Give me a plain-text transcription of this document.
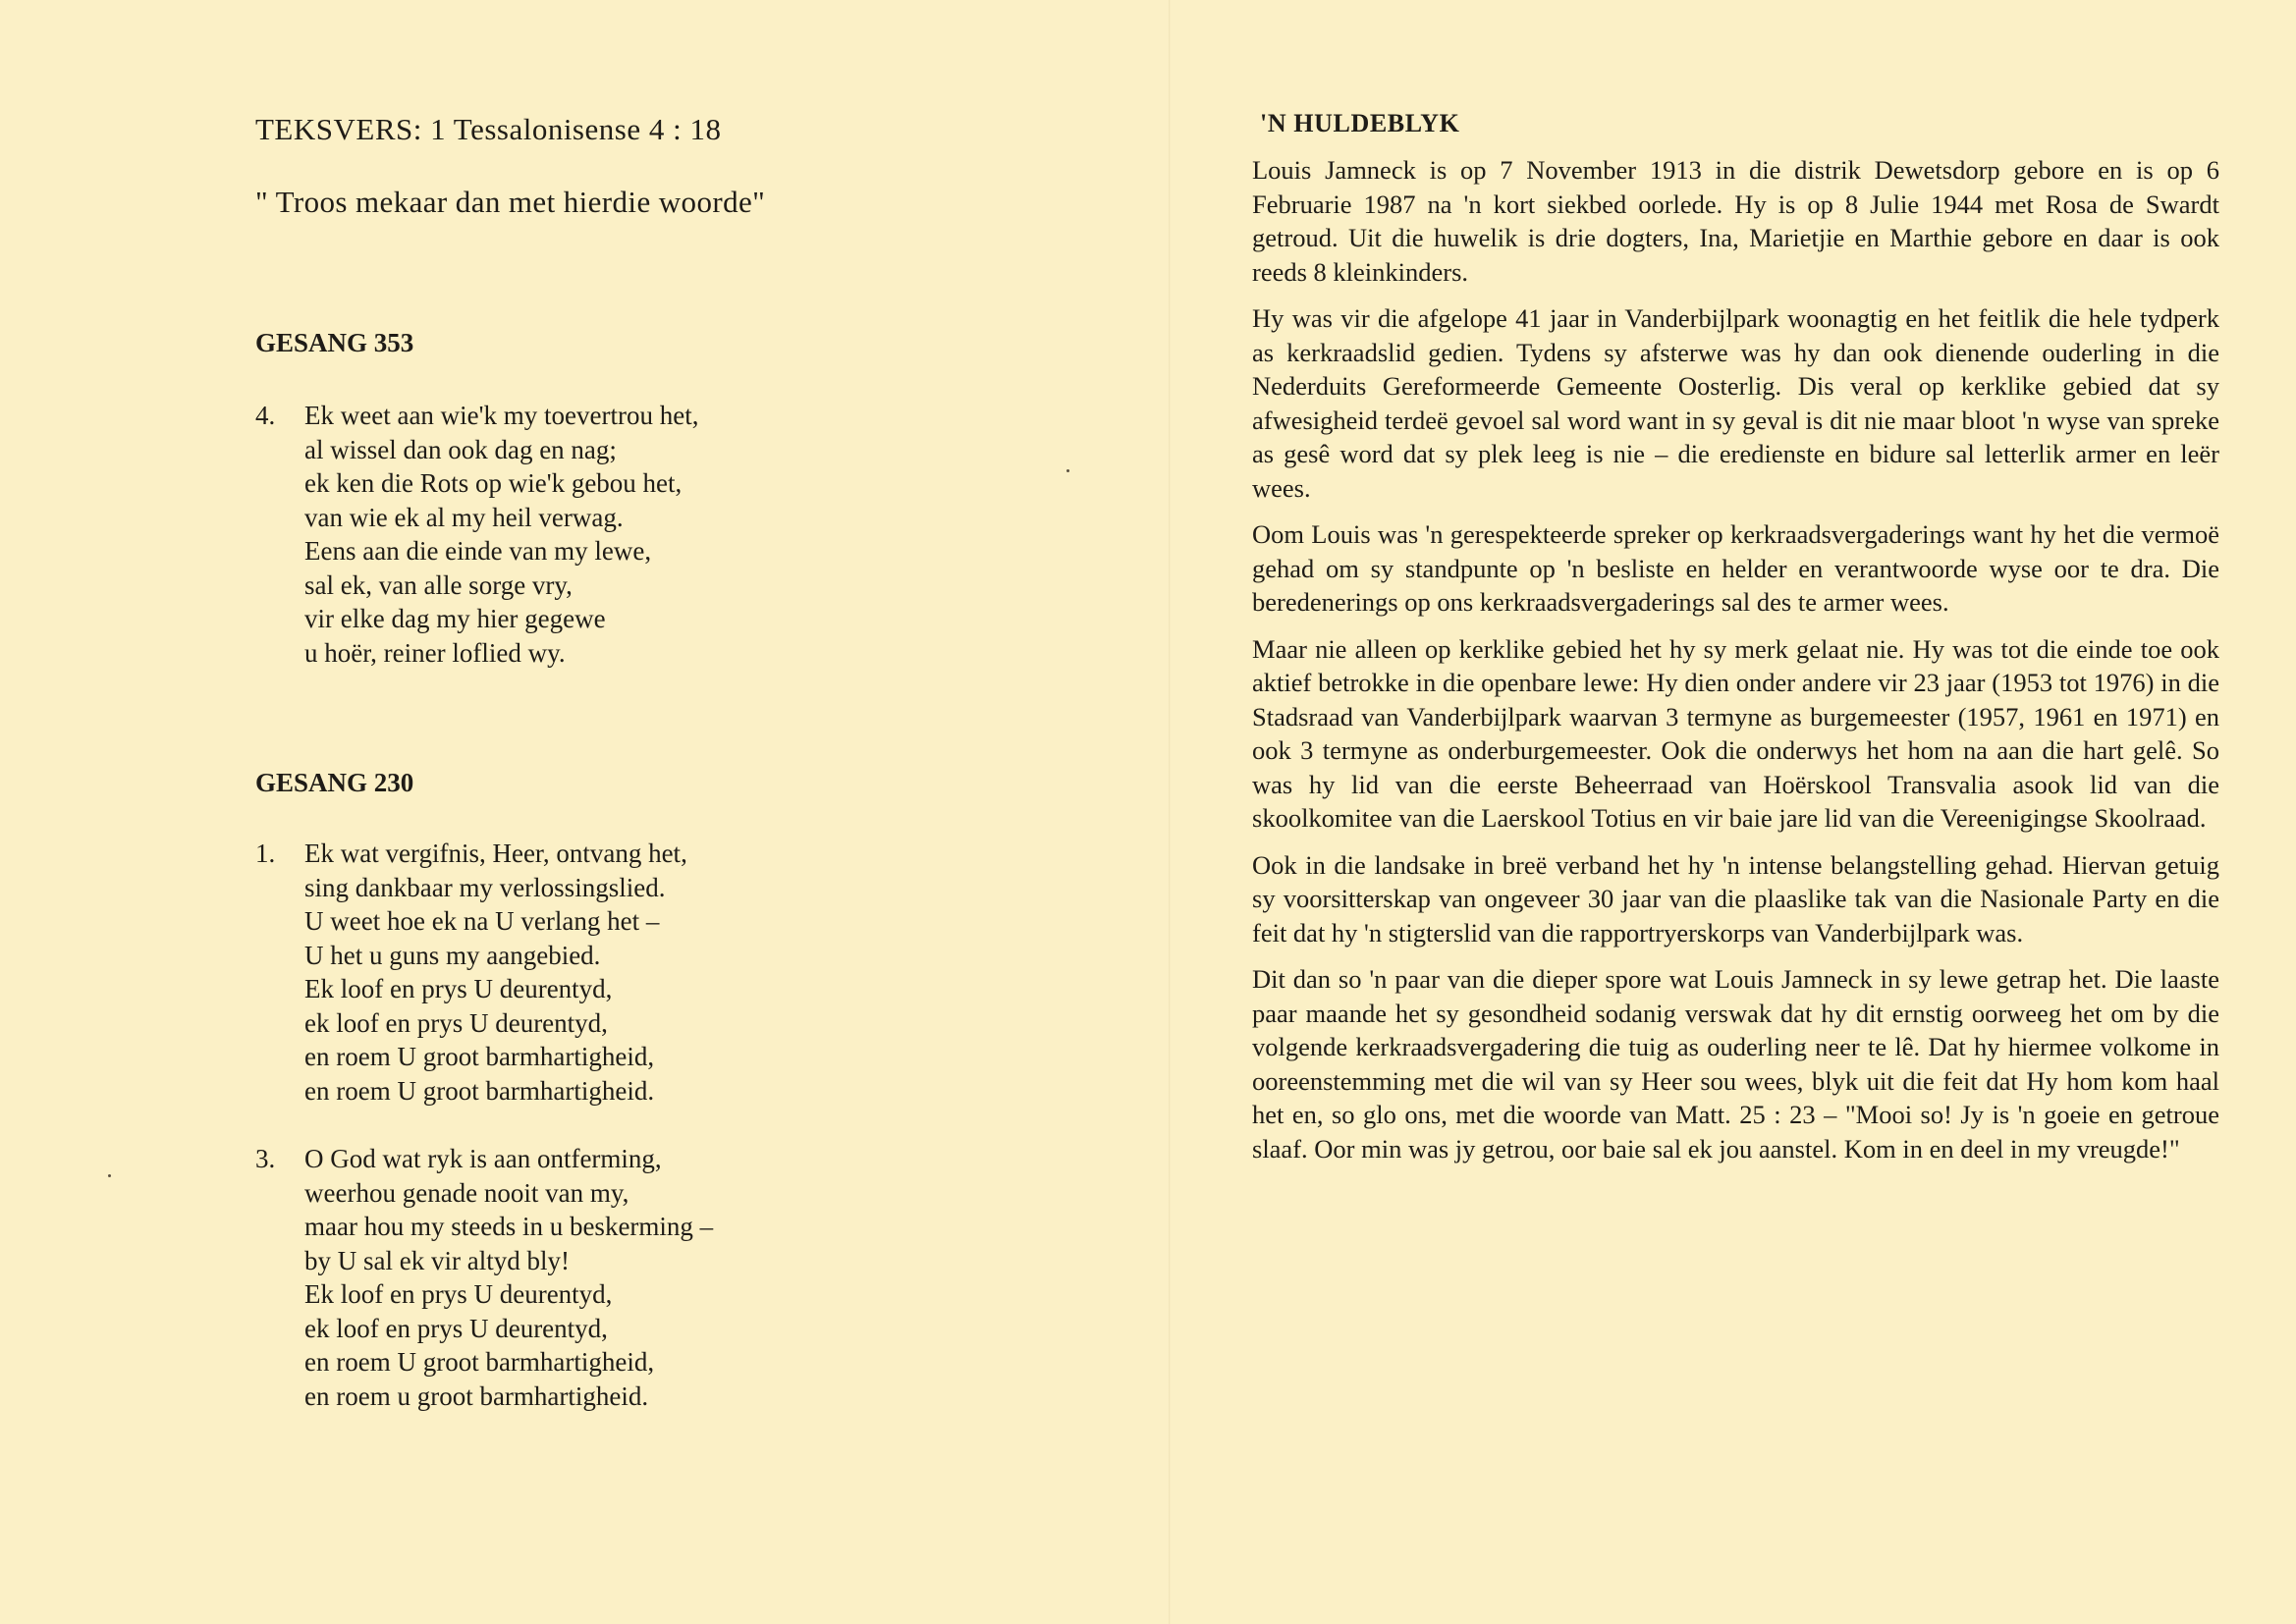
TEKSVERS: 1 Tessalonisense 4 : 18

" Troos mekaar dan met hierdie woorde"

GESANG 353
4. Ek weet aan wie'k my toevertrou het,
al wissel dan ook dag en nag;
ek ken die Rots op wie'k gebou het,
van wie ek al my heil verwag.
Eens aan die einde van my lewe,
sal ek, van alle sorge vry,
vir elke dag my hier gegewe
u hoër, reiner loflied wy.
GESANG 230
1. Ek wat vergifnis, Heer, ontvang het,
sing dankbaar my verlossingslied.
U weet hoe ek na U verlang het –
U het u guns my aangebied.
Ek loof en prys U deurentyd,
ek loof en prys U deurentyd,
en roem U groot barmhartigheid,
en roem U groot barmhartigheid.
3. O God wat ryk is aan ontferming,
weerhou genade nooit van my,
maar hou my steeds in u beskerming –
by U sal ek vir altyd bly!
Ek loof en prys U deurentyd,
ek loof en prys U deurentyd,
en roem U groot barmhartigheid,
en roem u groot barmhartigheid.
'N HULDEBLYK

Louis Jamneck is op 7 November 1913 in die distrik Dewetsdorp gebore en is op 6 Februarie 1987 na 'n kort siekbed oorlede. Hy is op 8 Julie 1944 met Rosa de Swardt getroud. Uit die huwelik is drie dogters, Ina, Marietjie en Marthie gebore en daar is ook reeds 8 kleinkinders.

Hy was vir die afgelope 41 jaar in Vanderbijlpark woonagtig en het feitlik die hele tydperk as kerkraadslid gedien. Tydens sy afsterwe was hy dan ook dienende ouderling in die Nederduits Gereformeerde Gemeente Oosterlig. Dis veral op kerklike gebied dat sy afwesigheid terdeë gevoel sal word want in sy geval is dit nie maar bloot 'n wyse van spreke as gesê word dat sy plek leeg is nie – die eredienste en bidure sal letterlik armer en leër wees.

Oom Louis was 'n gerespekteerde spreker op kerkraadsvergaderings want hy het die vermoë gehad om sy standpunte op 'n besliste en helder en verantwoorde wyse oor te dra. Die beredenerings op ons kerkraadsvergaderings sal des te armer wees.

Maar nie alleen op kerklike gebied het hy sy merk gelaat nie. Hy was tot die einde toe ook aktief betrokke in die openbare lewe: Hy dien onder andere vir 23 jaar (1953 tot 1976) in die Stadsraad van Vanderbijlpark waarvan 3 termyne as burgemeester (1957, 1961 en 1971) en ook 3 termyne as onderburgemeester. Ook die onderwys het hom na aan die hart gelê. So was hy lid van die eerste Beheerraad van Hoërskool Transvalia asook lid van die skoolkomitee van die Laerskool Totius en vir baie jare lid van die Vereenigingse Skoolraad.

Ook in die landsake in breë verband het hy 'n intense belangstelling gehad. Hiervan getuig sy voorsitterskap van ongeveer 30 jaar van die plaaslike tak van die Nasionale Party en die feit dat hy 'n stigterslid van die rapportryerskorps van Vanderbijlpark was.

Dit dan so 'n paar van die dieper spore wat Louis Jamneck in sy lewe getrap het. Die laaste paar maande het sy gesondheid sodanig verswak dat hy dit ernstig oorweeg het om by die volgende kerkraadsvergadering die tuig as ouderling neer te lê. Dat hy hiermee volkome in ooreenstemming met die wil van sy Heer sou wees, blyk uit die feit dat Hy hom kom haal het en, so glo ons, met die woorde van Matt. 25 : 23 – "Mooi so! Jy is 'n goeie en getroue slaaf. Oor min was jy getrou, oor baie sal ek jou aanstel. Kom in en deel in my vreugde!"
